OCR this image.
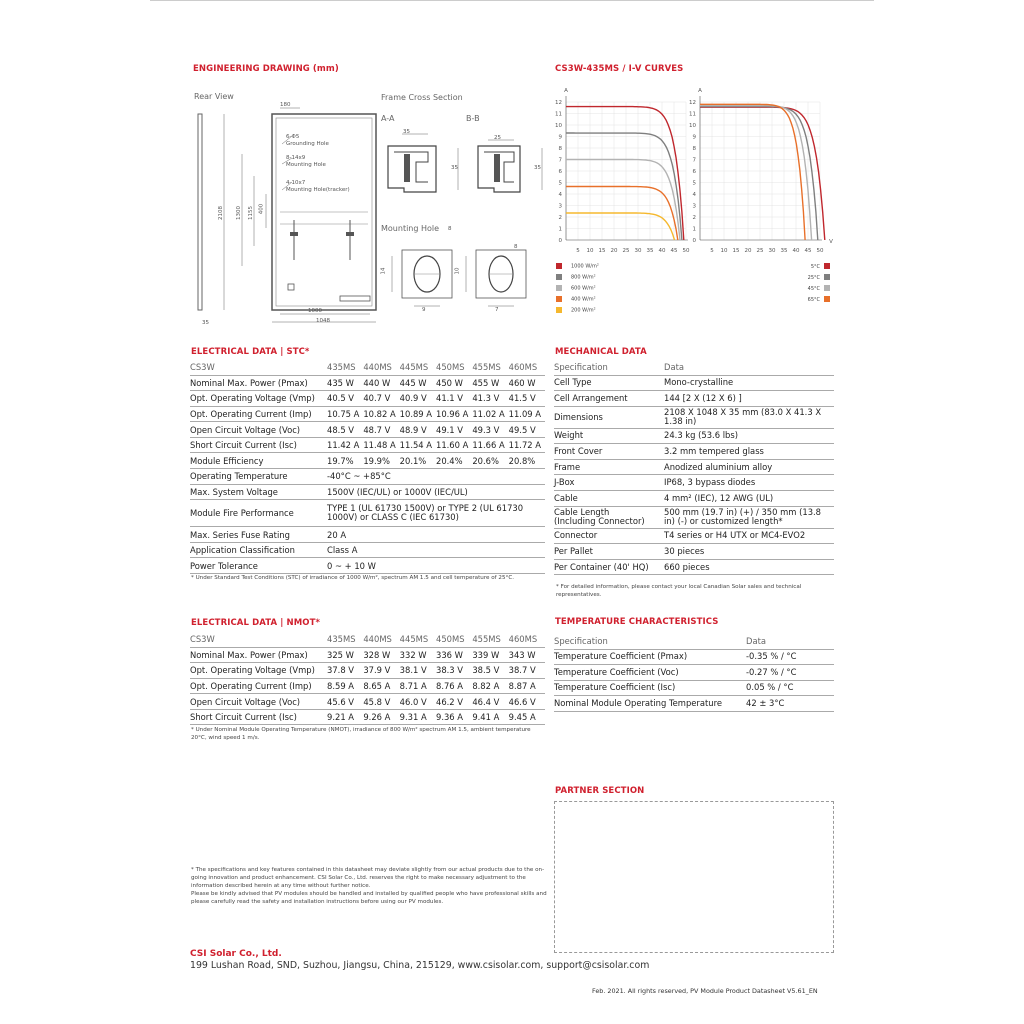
ENGINEERING DRAWING (mm)
Rear View	Frame Cross Section
A-A	B-B
Mounting Hole
180
35
25
35	35
35
6-Φ5
Grounding Hole
8-14x9
Mounting Hole
4-10x7
Mounting Hole(tracker)
2108 1300 1155 400
1000
1048
14
9
10
7
8
8
CS3W-435MS / I-V CURVES
12
11
10
9
8
7
6
5
4
3
2
1
0
5 10 15 20 25 30 35 40 45 50
A
12
11
10
9
8
7
6
5
4
3
2
1
0
5 10 15 20 25 30 35 40 45 50
A
V
1000 W/m²
800 W/m²
600 W/m²
400 W/m²
200 W/m²
5°C
25°C
45°C
65°C
ELECTRICAL DATA | STC*
CS3W	435MS	440MS	445MS	450MS	455MS	460MS
Nominal Max. Power (Pmax)	435 W	440 W	445 W	450 W	455 W	460 W
Opt. Operating Voltage (Vmp)	40.5 V	40.7 V	40.9 V	41.1 V	41.3 V	41.5 V
Opt. Operating Current (Imp)	10.75 A	10.82 A	10.89 A	10.96 A	11.02 A	11.09 A
Open Circuit Voltage (Voc)	48.5 V	48.7 V	48.9 V	49.1 V	49.3 V	49.5 V
Short Circuit Current (Isc)	11.42 A	11.48 A	11.54 A	11.60 A	11.66 A	11.72 A
Module Efficiency	19.7%	19.9%	20.1%	20.4%	20.6%	20.8%
Operating Temperature	-40°C ~ +85°C					
Max. System Voltage	1500V (IEC/UL) or 1000V (IEC/UL)					
Module Fire Performance	TYPE 1 (UL 61730 1500V) or TYPE 2 (UL 61730 1000V) or CLASS C (IEC 61730)					
Max. Series Fuse Rating	20 A					
Application Classification	Class A					
Power Tolerance	0 ~ + 10 W					
* Under Standard Test Conditions (STC) of irradiance of 1000 W/m², spectrum AM 1.5 and cell temperature of 25°C.
MECHANICAL DATA
Specification	Data
Cell Type	Mono-crystalline
Cell Arrangement	144 [2 X (12 X 6) ]
Dimensions	2108 X 1048 X 35 mm (83.0 X 41.3 X 1.38 in)
Weight	24.3 kg (53.6 lbs)
Front Cover	3.2 mm tempered glass
Frame	Anodized aluminium alloy
J-Box	IP68, 3 bypass diodes
Cable	4 mm² (IEC), 12 AWG (UL)
Cable Length
(Including Connector)	500 mm (19.7 in) (+) / 350 mm (13.8 in) (-) or customized length*
Connector	T4 series or H4 UTX or MC4-EVO2
Per Pallet	30 pieces
Per Container (40' HQ)	660 pieces
* For detailed information, please contact your local Canadian Solar sales and technical representatives.
ELECTRICAL DATA | NMOT*
CS3W	435MS	440MS	445MS	450MS	455MS	460MS
Nominal Max. Power (Pmax)	325 W	328 W	332 W	336 W	339 W	343 W
Opt. Operating Voltage (Vmp)	37.8 V	37.9 V	38.1 V	38.3 V	38.5 V	38.7 V
Opt. Operating Current (Imp)	8.59 A	8.65 A	8.71 A	8.76 A	8.82 A	8.87 A
Open Circuit Voltage (Voc)	45.6 V	45.8 V	46.0 V	46.2 V	46.4 V	46.6 V
Short Circuit Current (Isc)	9.21 A	9.26 A	9.31 A	9.36 A	9.41 A	9.45 A
* Under Nominal Module Operating Temperature (NMOT), irradiance of 800 W/m² spectrum AM 1.5, ambient temperature 20°C, wind speed 1 m/s.
TEMPERATURE CHARACTERISTICS
Specification	Data
Temperature Coefficient (Pmax)	-0.35 % / °C
Temperature Coefficient (Voc)	-0.27 % / °C
Temperature Coefficient (Isc)	0.05 % / °C
Nominal Module Operating Temperature	42 ± 3°C
PARTNER SECTION
* The specifications and key features contained in this datasheet may deviate slightly from our actual products due to the on-going innovation and product enhancement. CSI Solar Co., Ltd. reserves the right to make necessary adjustment to the information described herein at any time without further notice.
Please be kindly advised that PV modules should be handled and installed by qualified people who have professional skills and please carefully read the safety and installation instructions before using our PV modules.
CSI Solar Co., Ltd.
199 Lushan Road, SND, Suzhou, Jiangsu, China, 215129, www.csisolar.com, support@csisolar.com
Feb. 2021. All rights reserved, PV Module Product Datasheet V5.61_EN
